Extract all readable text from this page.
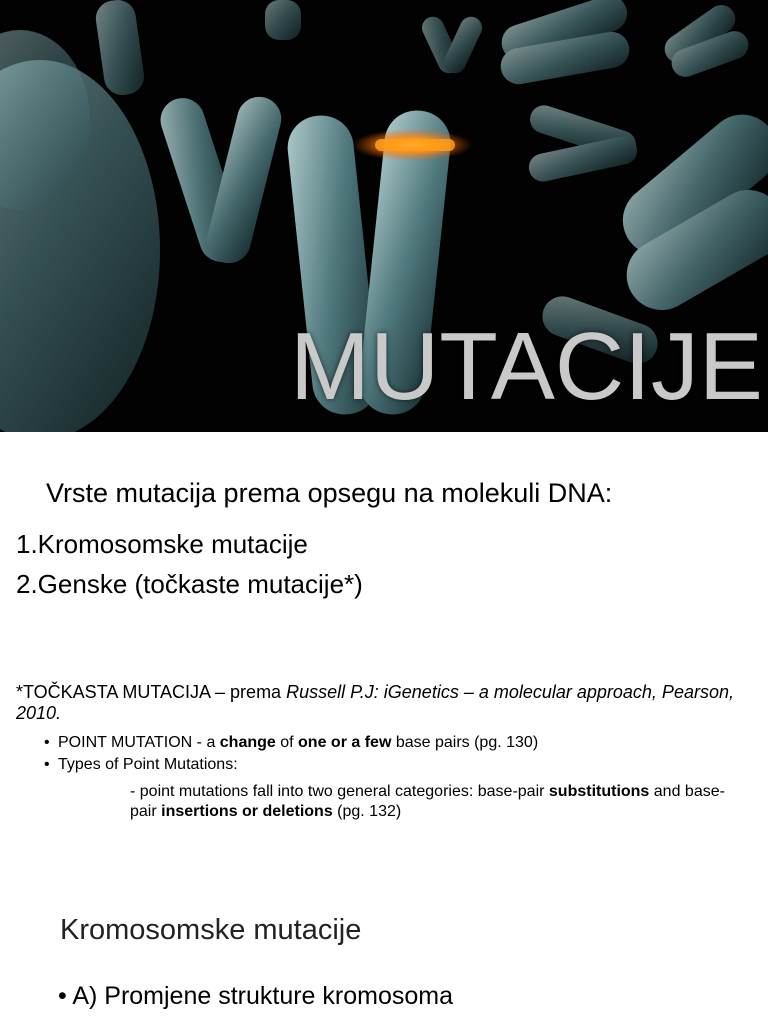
MUTACIJE
Vrste mutacija prema opsegu na molekuli DNA:
1.Kromosomske mutacije
2.Genske (točkaste mutacije*)
*TOČKASTA MUTACIJA – prema Russell P.J: iGenetics – a molecular approach, Pearson, 2010.
• POINT MUTATION - a change of one or a few base pairs (pg. 130)
• Types of Point Mutations:
- point mutations fall into two general categories: base-pair substitutions and base-pair insertions or deletions (pg. 132)
Kromosomske mutacije
• A) Promjene strukture kromosoma
